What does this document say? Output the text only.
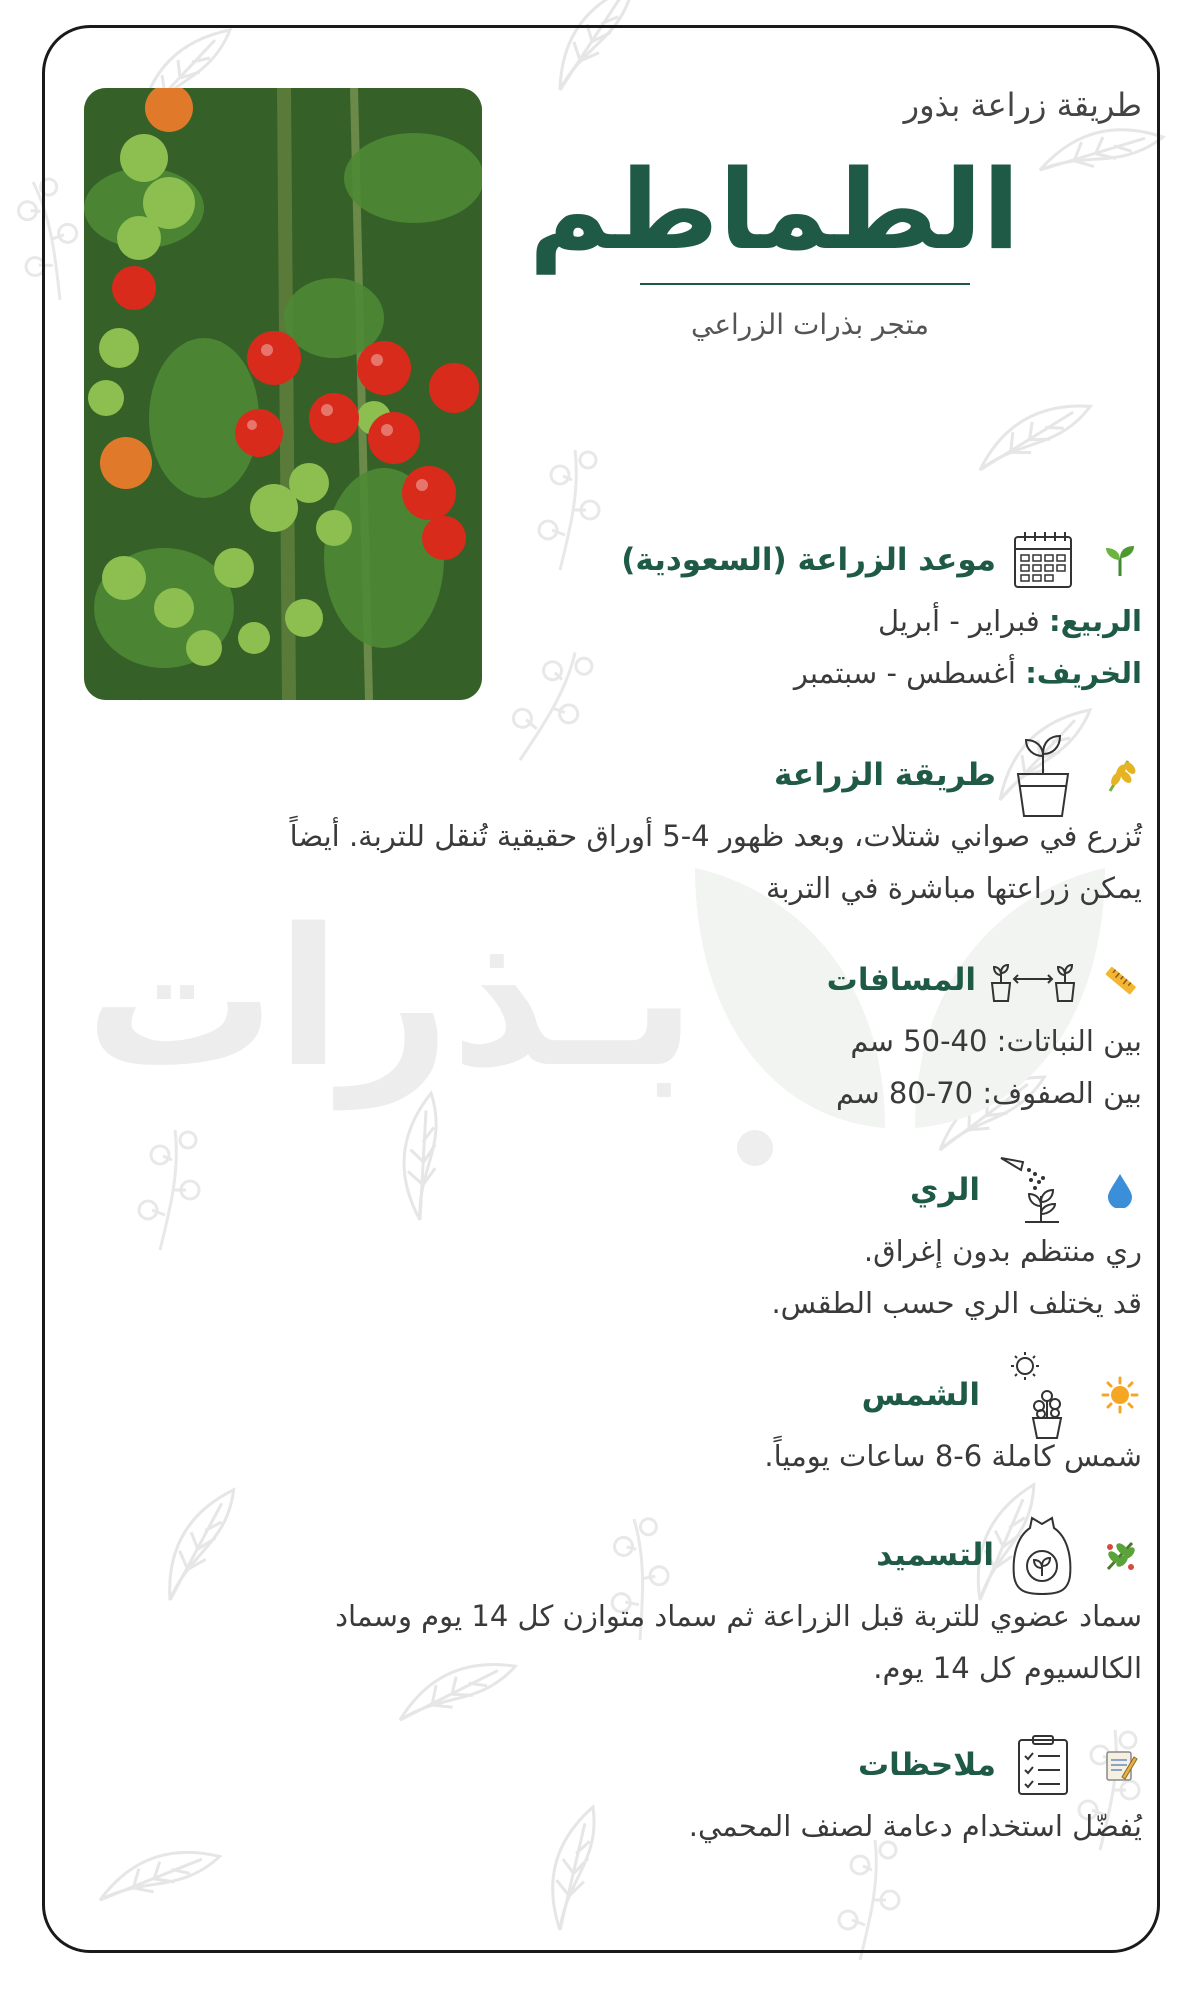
بـذرات
طريقة زراعة بذور
الطماطم
متجر بذرات الزراعي
موعد الزراعة (السعودية)
الربيع: فبراير - أبريل
الخريف: أغسطس - سبتمبر
طريقة الزراعة
تُزرع في صواني شتلات، وبعد ظهور 4-5 أوراق حقيقية تُنقل للتربة. أيضاً
يمكن زراعتها مباشرة في التربة
المسافات
بين النباتات: 40-50 سم
بين الصفوف: 70-80 سم
الري
ري منتظم بدون إغراق.
قد يختلف الري حسب الطقس.
الشمس
شمس كاملة 6-8 ساعات يومياً.
التسميد
سماد عضوي للتربة قبل الزراعة ثم سماد متوازن كل 14 يوم وسماد
الكالسيوم كل 14 يوم.
ملاحظات
يُفضّل استخدام دعامة لصنف المحمي.
